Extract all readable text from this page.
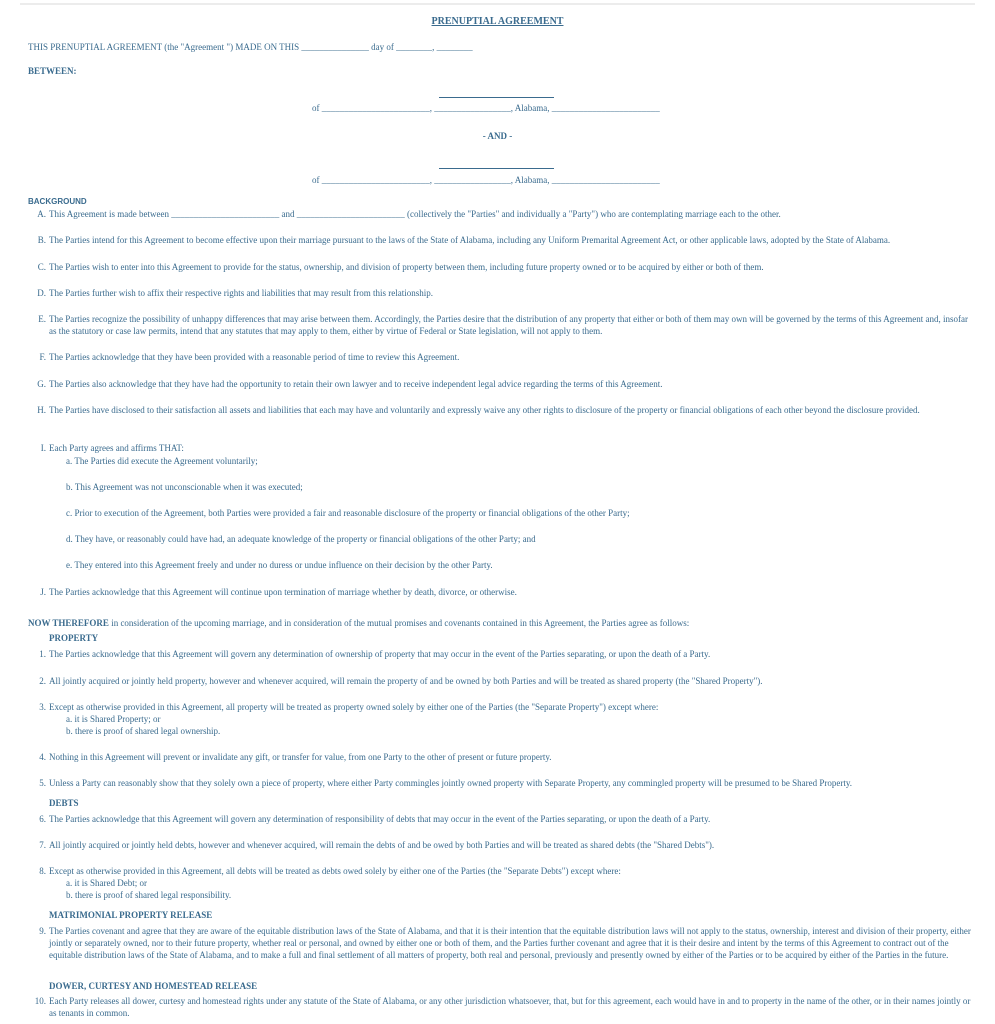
PRENUPTIAL AGREEMENT
THIS PRENUPTIAL AGREEMENT (the "Agreement ") MADE ON THIS _______________ day of ________, ________
BETWEEN:
of ________________________, _________________, Alabama, ________________________
- AND -
of ________________________, _________________, Alabama, ________________________
BACKGROUND
A. This Agreement is made between ________________________ and ________________________ (collectively the "Parties" and individually a "Party") who are contemplating marriage each to the other.
B. The Parties intend for this Agreement to become effective upon their marriage pursuant to the laws of the State of Alabama, including any Uniform Premarital Agreement Act, or other applicable laws, adopted by the State of Alabama.
C. The Parties wish to enter into this Agreement to provide for the status, ownership, and division of property between them, including future property owned or to be acquired by either or both of them.
D. The Parties further wish to affix their respective rights and liabilities that may result from this relationship.
E. The Parties recognize the possibility of unhappy differences that may arise between them. Accordingly, the Parties desire that the distribution of any property that either or both of them may own will be governed by the terms of this Agreement and, insofar as the statutory or case law permits, intend that any statutes that may apply to them, either by virtue of Federal or State legislation, will not apply to them.
F. The Parties acknowledge that they have been provided with a reasonable period of time to review this Agreement.
G. The Parties also acknowledge that they have had the opportunity to retain their own lawyer and to receive independent legal advice regarding the terms of this Agreement.
H. The Parties have disclosed to their satisfaction all assets and liabilities that each may have and voluntarily and expressly waive any other rights to disclosure of the property or financial obligations of each other beyond the disclosure provided.
I. Each Party agrees and affirms THAT:
a. The Parties did execute the Agreement voluntarily;
b. This Agreement was not unconscionable when it was executed;
c. Prior to execution of the Agreement, both Parties were provided a fair and reasonable disclosure of the property or financial obligations of the other Party;
d. They have, or reasonably could have had, an adequate knowledge of the property or financial obligations of the other Party; and
e. They entered into this Agreement freely and under no duress or undue influence on their decision by the other Party.
J. The Parties acknowledge that this Agreement will continue upon termination of marriage whether by death, divorce, or otherwise.
NOW THEREFORE in consideration of the upcoming marriage, and in consideration of the mutual promises and covenants contained in this Agreement, the Parties agree as follows:
PROPERTY
1. The Parties acknowledge that this Agreement will govern any determination of ownership of property that may occur in the event of the Parties separating, or upon the death of a Party.
2. All jointly acquired or jointly held property, however and whenever acquired, will remain the property of and be owned by both Parties and will be treated as shared property (the "Shared Property").
3. Except as otherwise provided in this Agreement, all property will be treated as property owned solely by either one of the Parties (the "Separate Property") except where:
a. it is Shared Property; or
b. there is proof of shared legal ownership.
4. Nothing in this Agreement will prevent or invalidate any gift, or transfer for value, from one Party to the other of present or future property.
5. Unless a Party can reasonably show that they solely own a piece of property, where either Party commingles jointly owned property with Separate Property, any commingled property will be presumed to be Shared Property.
DEBTS
6. The Parties acknowledge that this Agreement will govern any determination of responsibility of debts that may occur in the event of the Parties separating, or upon the death of a Party.
7. All jointly acquired or jointly held debts, however and whenever acquired, will remain the debts of and be owed by both Parties and will be treated as shared debts (the "Shared Debts").
8. Except as otherwise provided in this Agreement, all debts will be treated as debts owed solely by either one of the Parties (the "Separate Debts") except where:
a. it is Shared Debt; or
b. there is proof of shared legal responsibility.
MATRIMONIAL PROPERTY RELEASE
9. The Parties covenant and agree that they are aware of the equitable distribution laws of the State of Alabama, and that it is their intention that the equitable distribution laws will not apply to the status, ownership, interest and division of their property, either jointly or separately owned, nor to their future property, whether real or personal, and owned by either one or both of them, and the Parties further covenant and agree that it is their desire and intent by the terms of this Agreement to contract out of the equitable distribution laws of the State of Alabama, and to make a full and final settlement of all matters of property, both real and personal, previously and presently owned by either of the Parties or to be acquired by either of the Parties in the future.
DOWER, CURTESY AND HOMESTEAD RELEASE
10. Each Party releases all dower, curtesy and homestead rights under any statute of the State of Alabama, or any other jurisdiction whatsoever, that, but for this agreement, each would have in and to property in the name of the other, or in their names jointly or as tenants in common.
